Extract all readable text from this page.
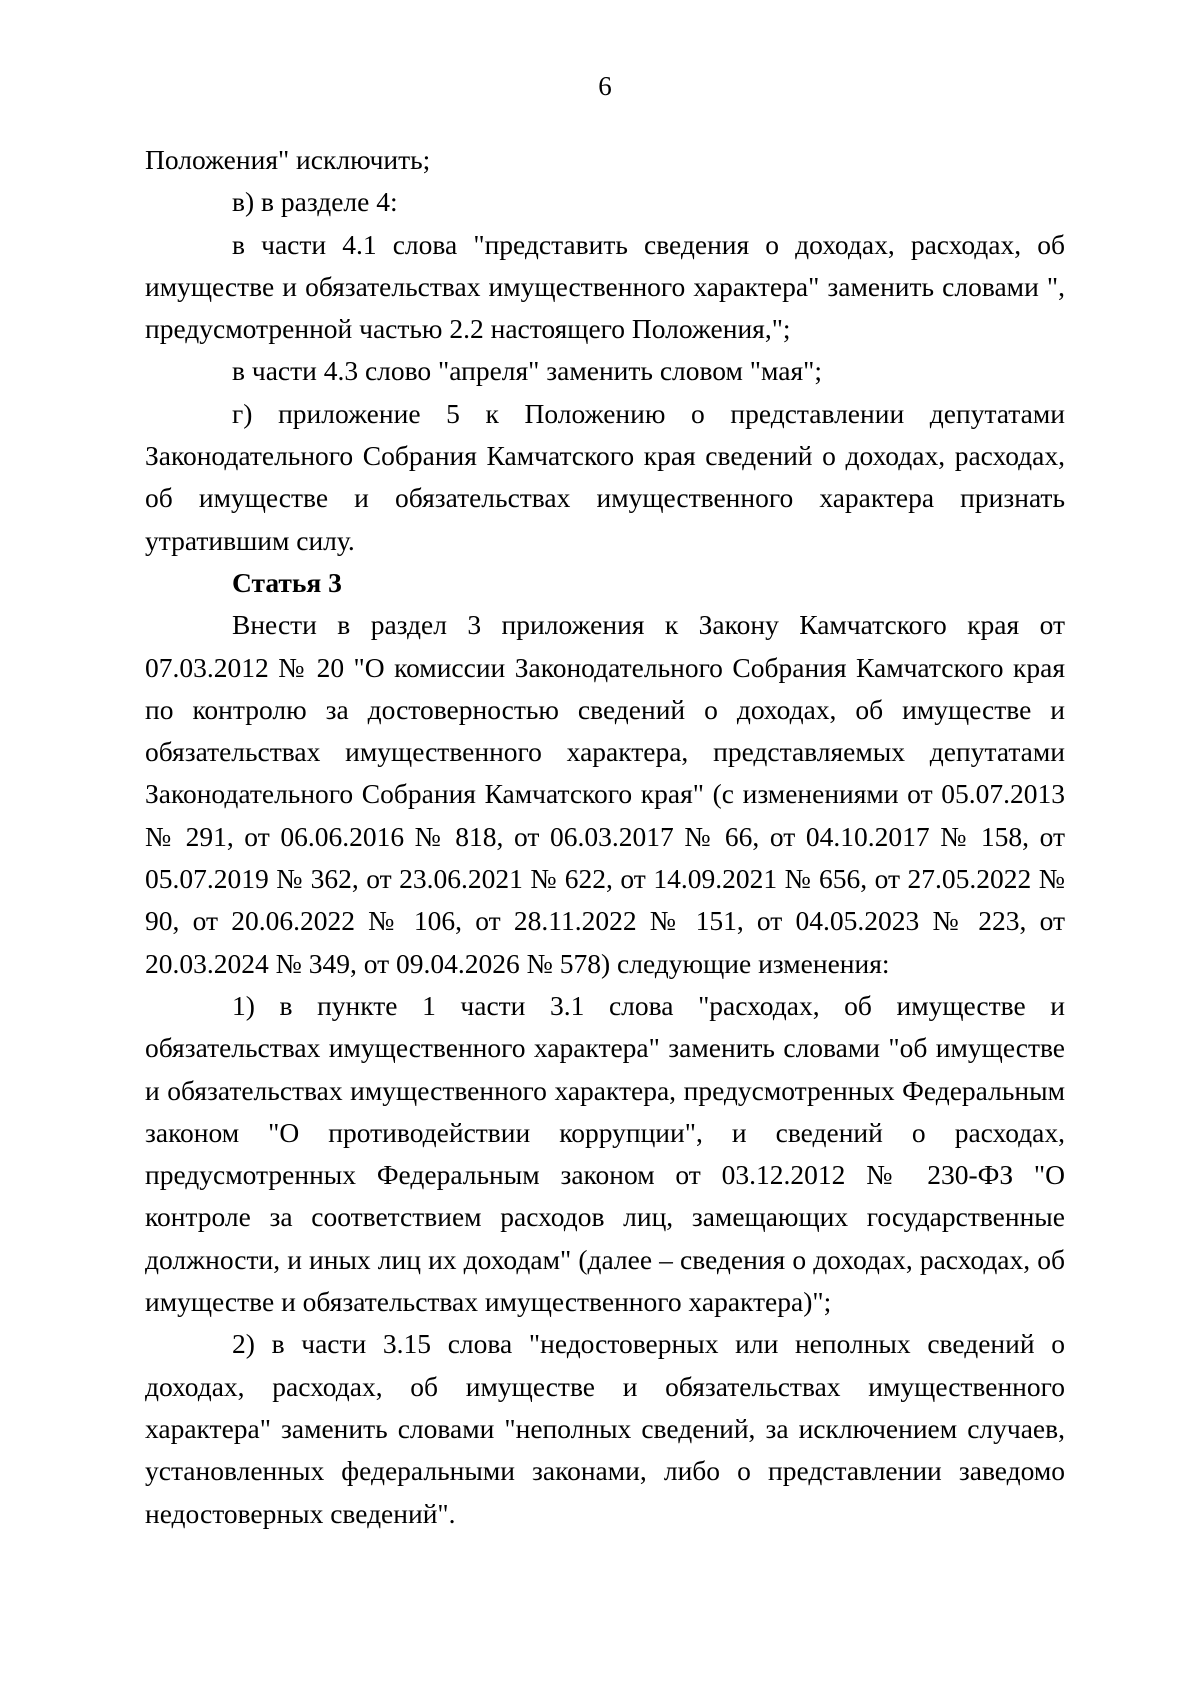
6

Положения" исключить;

в) в разделе 4:

в части 4.1 слова "представить сведения о доходах, расходах, об имуществе и обязательствах имущественного характера" заменить словами ", предусмотренной частью 2.2 настоящего Положения,";

в части 4.3 слово "апреля" заменить словом "мая";

г) приложение 5 к Положению о представлении депутатами Законодательного Собрания Камчатского края сведений о доходах, расходах, об имуществе и обязательствах имущественного характера признать утратившим силу.

Статья 3

Внести в раздел 3 приложения к Закону Камчатского края от 07.03.2012 № 20 "О комиссии Законодательного Собрания Камчатского края по контролю за достоверностью сведений о доходах, об имуществе и обязательствах имущественного характера, представляемых депутатами Законодательного Собрания Камчатского края" (с изменениями от 05.07.2013 № 291, от 06.06.2016 № 818, от 06.03.2017 № 66, от 04.10.2017 № 158, от 05.07.2019 № 362, от 23.06.2021 № 622, от 14.09.2021 № 656, от 27.05.2022 № 90, от 20.06.2022 № 106, от 28.11.2022 № 151, от 04.05.2023 № 223, от 20.03.2024 № 349, от 09.04.2026 № 578) следующие изменения:

1) в пункте 1 части 3.1 слова "расходах, об имуществе и обязательствах имущественного характера" заменить словами "об имуществе и обязательствах имущественного характера, предусмотренных Федеральным законом "О противодействии коррупции", и сведений о расходах, предусмотренных Федеральным законом от 03.12.2012 № 230-ФЗ "О контроле за соответствием расходов лиц, замещающих государственные должности, и иных лиц их доходам" (далее – сведения о доходах, расходах, об имуществе и обязательствах имущественного характера)";

2) в части 3.15 слова "недостоверных или неполных сведений о доходах, расходах, об имуществе и обязательствах имущественного характера" заменить словами "неполных сведений, за исключением случаев, установленных федеральными законами, либо о представлении заведомо недостоверных сведений".
